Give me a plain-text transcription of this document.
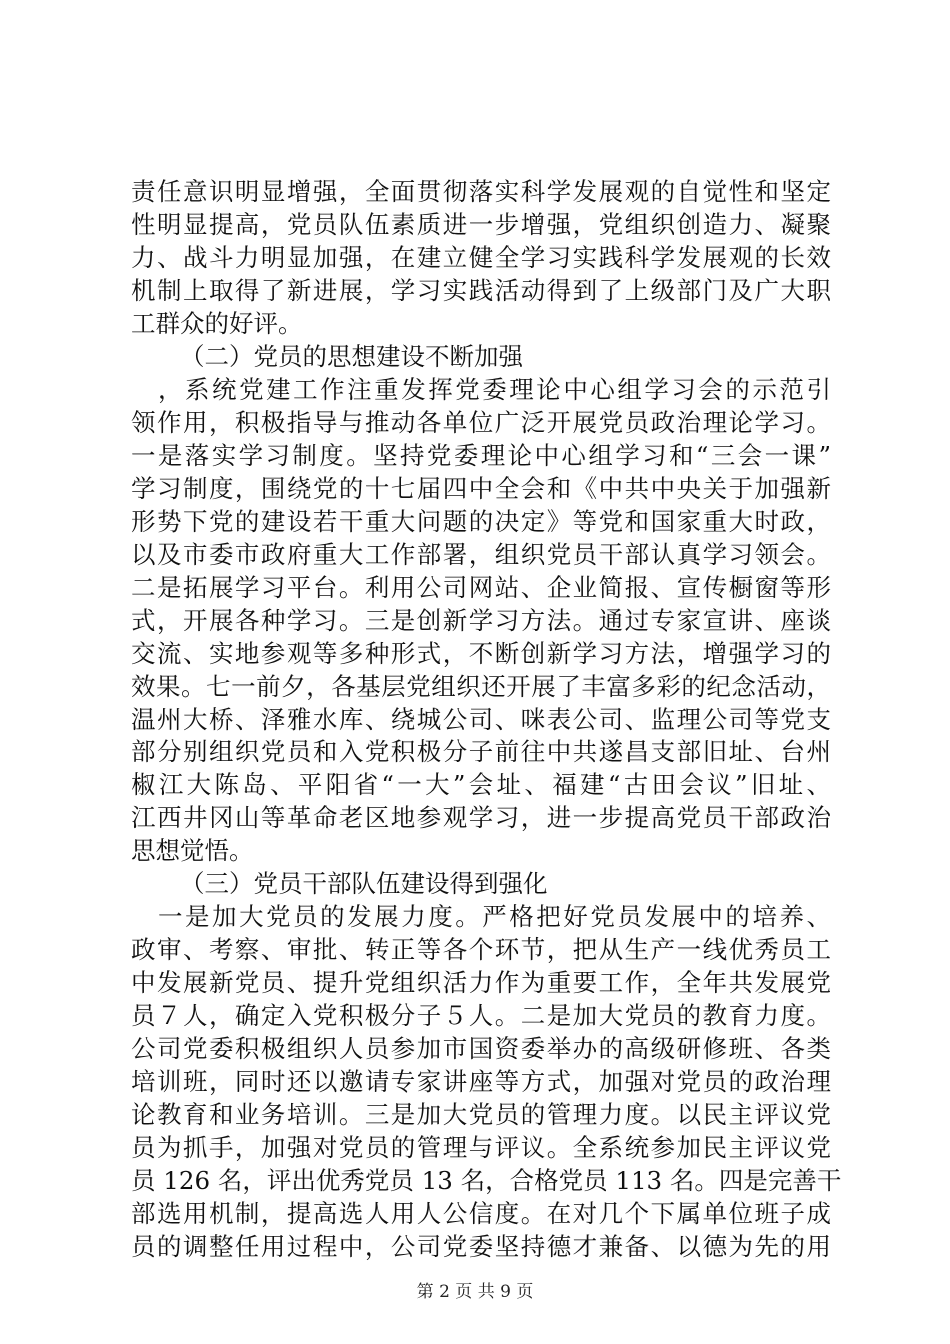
责任意识明显增强，全面贯彻落实科学发展观的自觉性和坚定
性明显提高，党员队伍素质进一步增强，党组织创造力、凝聚
力、战斗力明显加强，在建立健全学习实践科学发展观的长效
机制上取得了新进展，学习实践活动得到了上级部门及广大职
工群众的好评。
（二）党员的思想建设不断加强
　，系统党建工作注重发挥党委理论中心组学习会的示范引
领作用，积极指导与推动各单位广泛开展党员政治理论学习。
一是落实学习制度。坚持党委理论中心组学习和“三会一课”
学习制度，围绕党的十七届四中全会和《中共中央关于加强新
形势下党的建设若干重大问题的决定》等党和国家重大时政，
以及市委市政府重大工作部署，组织党员干部认真学习领会。
二是拓展学习平台。利用公司网站、企业简报、宣传橱窗等形
式，开展各种学习。三是创新学习方法。通过专家宣讲、座谈
交流、实地参观等多种形式，不断创新学习方法，增强学习的
效果。七一前夕，各基层党组织还开展了丰富多彩的纪念活动，
温州大桥、泽雅水库、绕城公司、咪表公司、监理公司等党支
部分别组织党员和入党积极分子前往中共遂昌支部旧址、台州
椒江大陈岛、平阳省“一大”会址、福建“古田会议”旧址、
江西井冈山等革命老区地参观学习，进一步提高党员干部政治
思想觉悟。
（三）党员干部队伍建设得到强化
　一是加大党员的发展力度。严格把好党员发展中的培养、
政审、考察、审批、转正等各个环节，把从生产一线优秀员工
中发展新党员、提升党组织活力作为重要工作，全年共发展党
员７人，确定入党积极分子５人。二是加大党员的教育力度。
公司党委积极组织人员参加市国资委举办的高级研修班、各类
培训班，同时还以邀请专家讲座等方式，加强对党员的政治理
论教育和业务培训。三是加大党员的管理力度。以民主评议党
员为抓手，加强对党员的管理与评议。全系统参加民主评议党
员 126 名，评出优秀党员 13 名，合格党员 113 名。四是完善干
部选用机制，提高选人用人公信度。在对几个下属单位班子成
员的调整任用过程中，公司党委坚持德才兼备、以德为先的用
第 2 页 共 9 页
